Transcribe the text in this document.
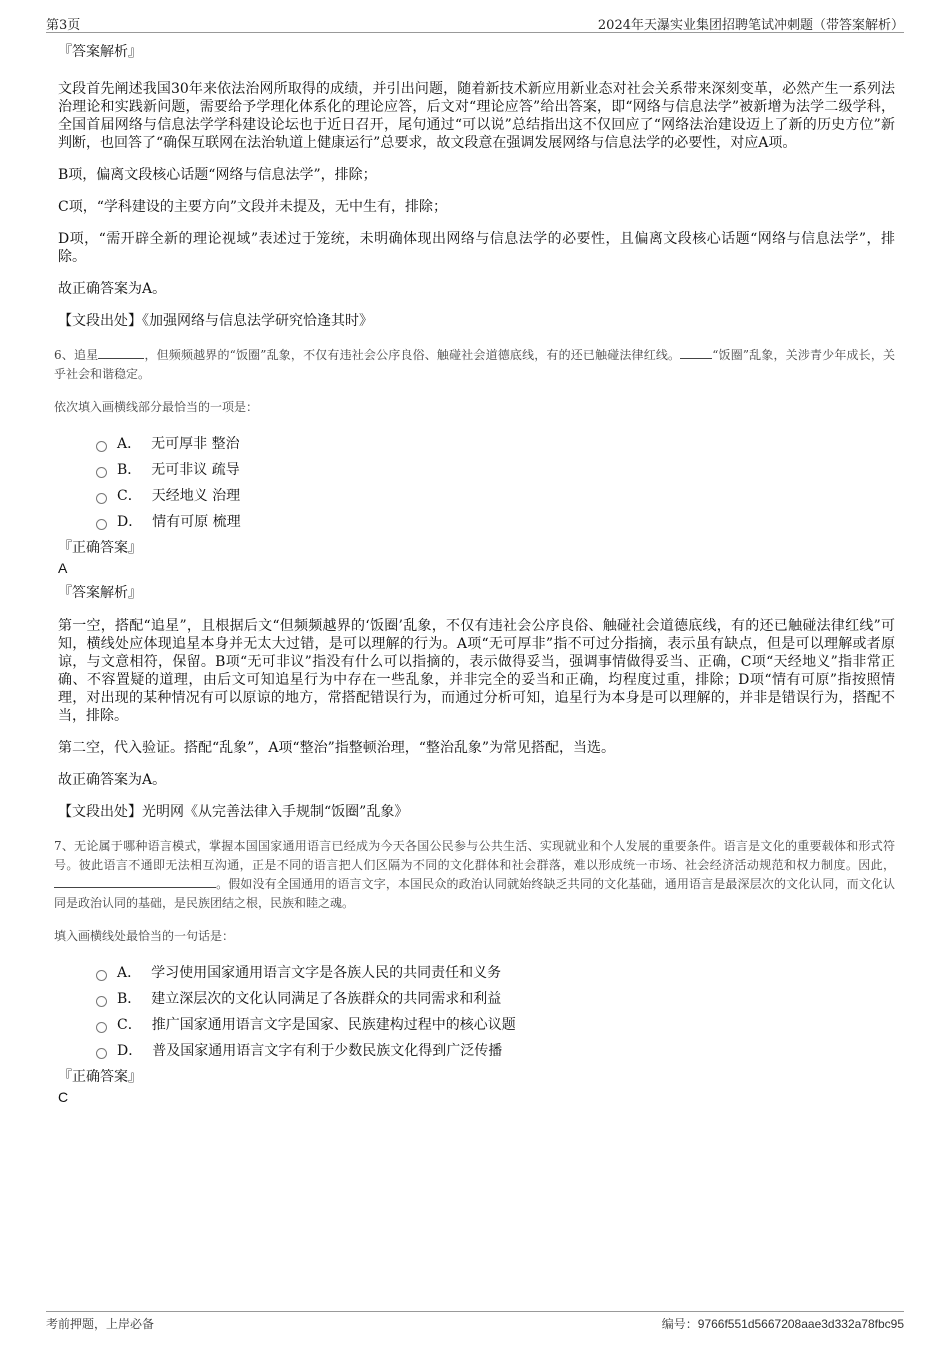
第3页	2024年天瀑实业集团招聘笔试冲刺题（带答案解析）
『答案解析』
文段首先阐述我国30年来依法治网所取得的成绩，并引出问题，随着新技术新应用新业态对社会关系带来深刻变革，必然产生一系列法治理论和实践新问题，需要给予学理化体系化的理论应答，后文对“理论应答”给出答案，即“网络与信息法学”被新增为法学二级学科，全国首届网络与信息法学学科建设论坛也于近日召开，尾句通过“可以说”总结指出这不仅回应了“网络法治建设迈上了新的历史方位”新判断，也回答了“确保互联网在法治轨道上健康运行”总要求，故文段意在强调发展网络与信息法学的必要性，对应A项。
B项，偏离文段核心话题“网络与信息法学”，排除；
C项，“学科建设的主要方向”文段并未提及，无中生有，排除；
D项，“需开辟全新的理论视域”表述过于笼统，未明确体现出网络与信息法学的必要性，且偏离文段核心话题“网络与信息法学”，排除。
故正确答案为A。
【文段出处】《加强网络与信息法学研究恰逢其时》
6、追星	，但频频越界的“饭圈”乱象，不仅有违社会公序良俗、触碰社会道德底线，有的还已触碰法律红线。	“饭圈”乱象，关涉青少年成长，关乎社会和谐稳定。
依次填入画横线部分最恰当的一项是：
A． 无可厚非 整治
B． 无可非议 疏导
C． 天经地义 治理
D． 情有可原 梳理
『正确答案』
A
『答案解析』
第一空，搭配“追星”，且根据后文“但频频越界的‘饭圈’乱象，不仅有违社会公序良俗、触碰社会道德底线，有的还已触碰法律红线”可知，横线处应体现追星本身并无太大过错，是可以理解的行为。A项“无可厚非”指不可过分指摘，表示虽有缺点，但是可以理解或者原谅，与文意相符，保留。B项“无可非议”指没有什么可以指摘的，表示做得妥当，强调事情做得妥当、正确，C项“天经地义”指非常正确、不容置疑的道理，由后文可知追星行为中存在一些乱象，并非完全的妥当和正确，均程度过重，排除；D项“情有可原”指按照情理，对出现的某种情况有可以原谅的地方，常搭配错误行为，而通过分析可知，追星行为本身是可以理解的，并非是错误行为，搭配不当，排除。
第二空，代入验证。搭配“乱象”，A项“整治”指整顿治理，“整治乱象”为常见搭配，当选。
故正确答案为A。
【文段出处】光明网《从完善法律入手规制“饭圈”乱象》
7、无论属于哪种语言模式，掌握本国国家通用语言已经成为今天各国公民参与公共生活、实现就业和个人发展的重要条件。语言是文化的重要载体和形式符号。彼此语言不通即无法相互沟通，正是不同的语言把人们区隔为不同的文化群体和社会群落，难以形成统一市场、社会经济活动规范和权力制度。因此，。假如没有全国通用的语言文字，本国民众的政治认同就始终缺乏共同的文化基础，通用语言是最深层次的文化认同，而文化认同是政治认同的基础，是民族团结之根，民族和睦之魂。
填入画横线处最恰当的一句话是：
A． 学习使用国家通用语言文字是各族人民的共同责任和义务
B． 建立深层次的文化认同满足了各族群众的共同需求和利益
C． 推广国家通用语言文字是国家、民族建构过程中的核心议题
D． 普及国家通用语言文字有利于少数民族文化得到广泛传播
『正确答案』
C
考前押题，上岸必备	编号：9766f551d5667208aae3d332a78fbc95
